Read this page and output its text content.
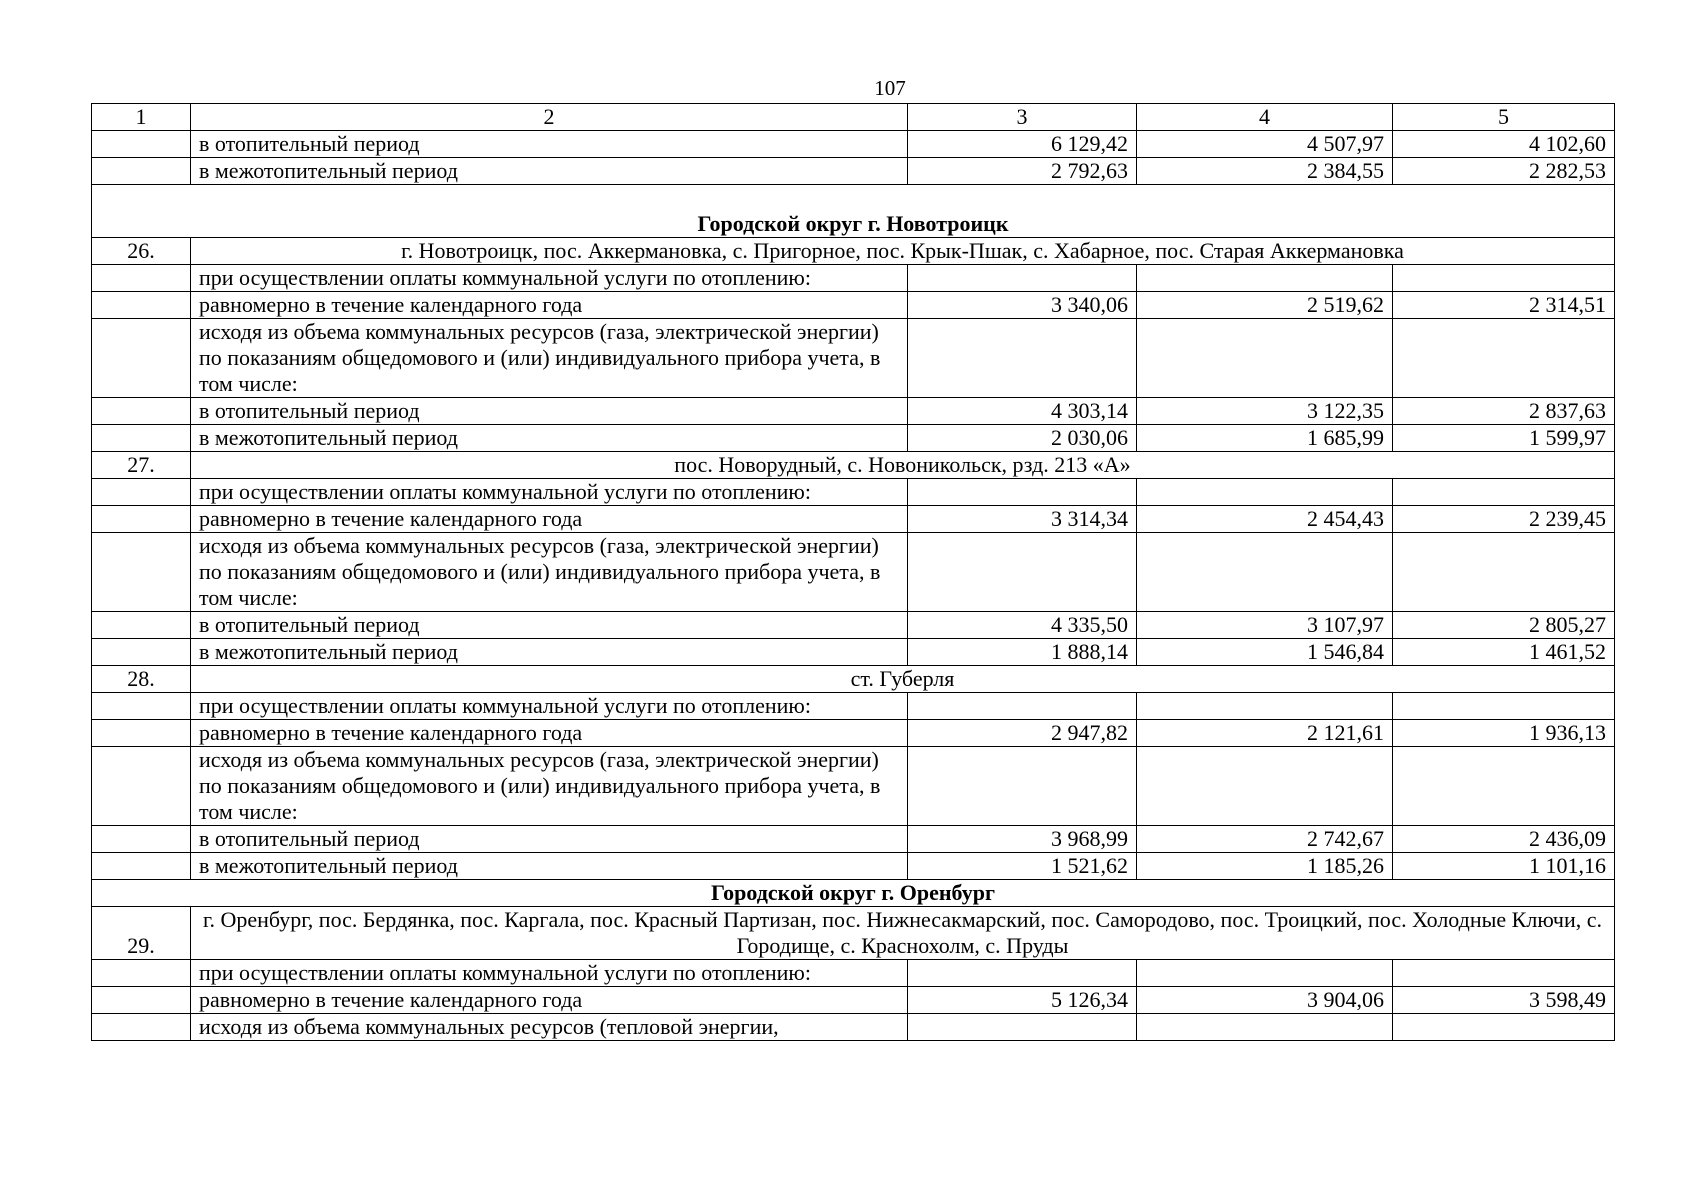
107
1	2	3	4	5
	в отопительный период	6 129,42	4 507,97	4 102,60
	в межотопительный период	2 792,63	2 384,55	2 282,53
Городской округ г. Новотроицк				
26.	г. Новотроицк, пос. Аккермановка, с. Пригорное, пос. Крык-Пшак, с. Хабарное, пос. Старая Аккермановка			
	при осуществлении оплаты коммунальной услуги по отоплению:			
	равномерно в течение календарного года	3 340,06	2 519,62	2 314,51
	исходя из объема коммунальных ресурсов (газа, электрической энергии) по показаниям общедомового и (или) индивидуального прибора учета, в том числе:			
	в отопительный период	4 303,14	3 122,35	2 837,63
	в межотопительный период	2 030,06	1 685,99	1 599,97
27.	пос. Новорудный, с. Новоникольск, рзд. 213 «А»			
	при осуществлении оплаты коммунальной услуги по отоплению:			
	равномерно в течение календарного года	3 314,34	2 454,43	2 239,45
	исходя из объема коммунальных ресурсов (газа, электрической энергии) по показаниям общедомового и (или) индивидуального прибора учета, в том числе:			
	в отопительный период	4 335,50	3 107,97	2 805,27
	в межотопительный период	1 888,14	1 546,84	1 461,52
28.	ст. Губерля			
	при осуществлении оплаты коммунальной услуги по отоплению:			
	равномерно в течение календарного года	2 947,82	2 121,61	1 936,13
	исходя из объема коммунальных ресурсов (газа, электрической энергии) по показаниям общедомового и (или) индивидуального прибора учета, в том числе:			
	в отопительный период	3 968,99	2 742,67	2 436,09
	в межотопительный период	1 521,62	1 185,26	1 101,16
Городской округ г. Оренбург				
29.	г. Оренбург, пос. Бердянка, пос. Каргала, пос. Красный Партизан, пос. Нижнесакмарский, пос. Самородово, пос. Троицкий, пос. Холодные Ключи, с. Городище, с. Краснохолм, с. Пруды			
	при осуществлении оплаты коммунальной услуги по отоплению:			
	равномерно в течение календарного года	5 126,34	3 904,06	3 598,49
	исходя из объема коммунальных ресурсов (тепловой энергии,			
